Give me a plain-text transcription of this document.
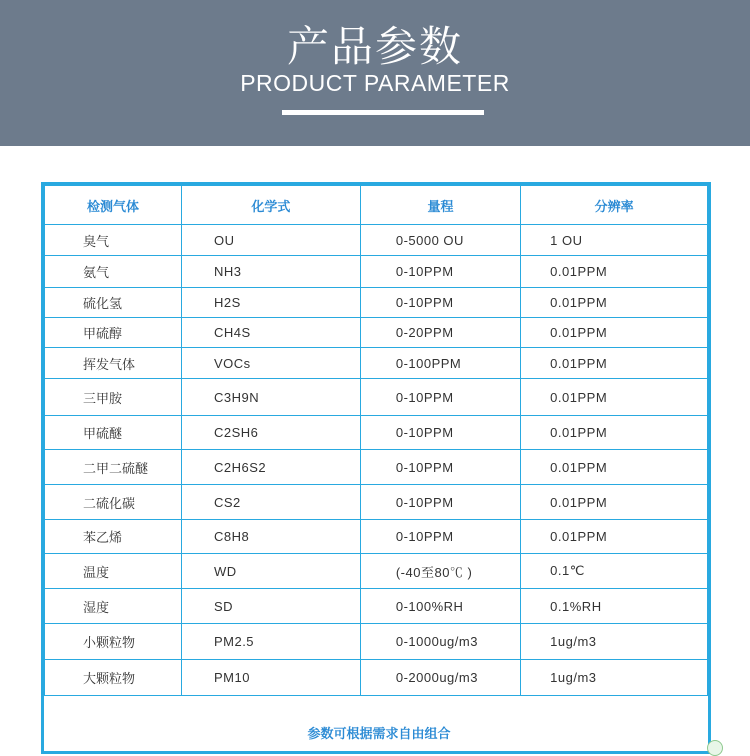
产品参数
PRODUCT PARAMETER
检测气体	化学式	量程	分辨率
臭气	OU	0-5000 OU	1 OU
氨气	NH3	0-10PPM	0.01PPM
硫化氢	H2S	0-10PPM	0.01PPM
甲硫醇	CH4S	0-20PPM	0.01PPM
挥发气体	VOCs	0-100PPM	0.01PPM
三甲胺	C3H9N	0-10PPM	0.01PPM
甲硫醚	C2SH6	0-10PPM	0.01PPM
二甲二硫醚	C2H6S2	0-10PPM	0.01PPM
二硫化碳	CS2	0-10PPM	0.01PPM
苯乙烯	C8H8	0-10PPM	0.01PPM
温度	WD	(-40至80℃ )	0.1℃
湿度	SD	0-100%RH	0.1%RH
小颗粒物	PM2.5	0-1000ug/m3	1ug/m3
大颗粒物	PM10	0-2000ug/m3	1ug/m3
参数可根据需求自由组合
